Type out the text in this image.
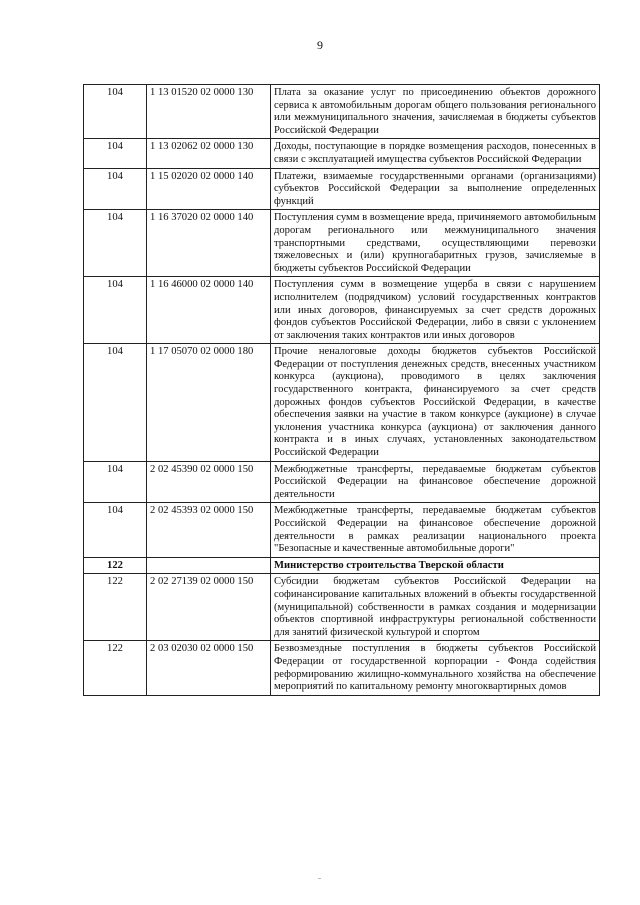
9
104	1 13 01520 02 0000 130	Плата за оказание услуг по присоединению объектов дорожного сервиса к автомобильным дорогам общего пользования регионального или межмуниципального значения, зачисляемая в бюджеты субъектов Российской Федерации
104	1 13 02062 02 0000 130	Доходы, поступающие в порядке возмещения расходов, понесенных в связи с эксплуатацией имущества субъектов Российской Федерации
104	1 15 02020 02 0000 140	Платежи, взимаемые государственными органами (организациями) субъектов Российской Федерации за выполнение определенных функций
104	1 16 37020 02 0000 140	Поступления сумм в возмещение вреда, причиняемого автомобильным дорогам регионального или межмуниципального значения транспортными средствами, осуществляющими перевозки тяжеловесных и (или) крупногабаритных грузов, зачисляемые в бюджеты субъектов Российской Федерации
104	1 16 46000 02 0000 140	Поступления сумм в возмещение ущерба в связи с нарушением исполнителем (подрядчиком) условий государственных контрактов или иных договоров, финансируемых за счет средств дорожных фондов субъектов Российской Федерации, либо в связи с уклонением от заключения таких контрактов или иных договоров
104	1 17 05070 02 0000 180	Прочие неналоговые доходы бюджетов субъектов Российской Федерации от поступления денежных средств, внесенных участником конкурса (аукциона), проводимого в целях заключения государственного контракта, финансируемого за счет средств дорожных фондов субъектов Российской Федерации, в качестве обеспечения заявки на участие в таком конкурсе (аукционе) в случае уклонения участника конкурса (аукциона) от заключения данного контракта и в иных случаях, установленных законодательством Российской Федерации
104	2 02 45390 02 0000 150	Межбюджетные трансферты, передаваемые бюджетам субъектов Российской Федерации на финансовое обеспечение дорожной деятельности
104	2 02 45393 02 0000 150	Межбюджетные трансферты, передаваемые бюджетам субъектов Российской Федерации на финансовое обеспечение дорожной деятельности в рамках реализации национального проекта "Безопасные и качественные автомобильные дороги"
122		Министерство строительства Тверской области
122	2 02 27139 02 0000 150	Субсидии бюджетам субъектов Российской Федерации на софинансирование капитальных вложений в объекты государственной (муниципальной) собственности в рамках создания и модернизации объектов спортивной инфраструктуры региональной собственности для занятий физической культурой и спортом
122	2 03 02030 02 0000 150	Безвозмездные поступления в бюджеты субъектов Российской Федерации от государственной корпорации - Фонда содействия реформированию жилищно-коммунального хозяйства на обеспечение мероприятий по капитальному ремонту многоквартирных домов
